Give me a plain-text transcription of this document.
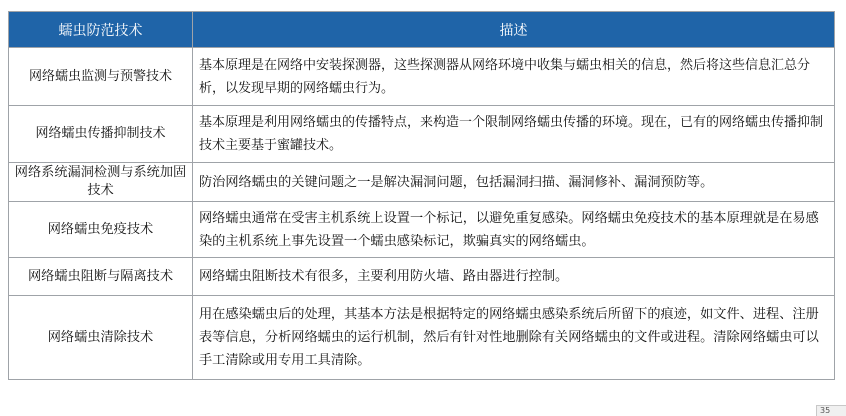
蠕虫防范技术	描述
网络蠕虫监测与预警技术	基本原理是在网络中安装探测器，这些探测器从网络环境中收集与蠕虫相关的信息，然后将这些信息汇总分析，以发现早期的网络蠕虫行为。
网络蠕虫传播抑制技术	基本原理是利用网络蠕虫的传播特点，来构造一个限制网络蠕虫传播的环境。现在，已有的网络蠕虫传播抑制技术主要基于蜜罐技术。
网络系统漏洞检测与系统加固技术	防治网络蠕虫的关键问题之一是解决漏洞问题，包括漏洞扫描、漏洞修补、漏洞预防等。
网络蠕虫免疫技术	网络蠕虫通常在受害主机系统上设置一个标记，以避免重复感染。网络蠕虫免疫技术的基本原理就是在易感染的主机系统上事先设置一个蠕虫感染标记，欺骗真实的网络蠕虫。
网络蠕虫阻断与隔离技术	网络蠕虫阻断技术有很多，主要利用防火墙、路由器进行控制。
网络蠕虫清除技术	用在感染蠕虫后的处理，其基本方法是根据特定的网络蠕虫感染系统后所留下的痕迹，如文件、进程、注册表等信息，分析网络蠕虫的运行机制，然后有针对性地删除有关网络蠕虫的文件或进程。清除网络蠕虫可以手工清除或用专用工具清除。
35
